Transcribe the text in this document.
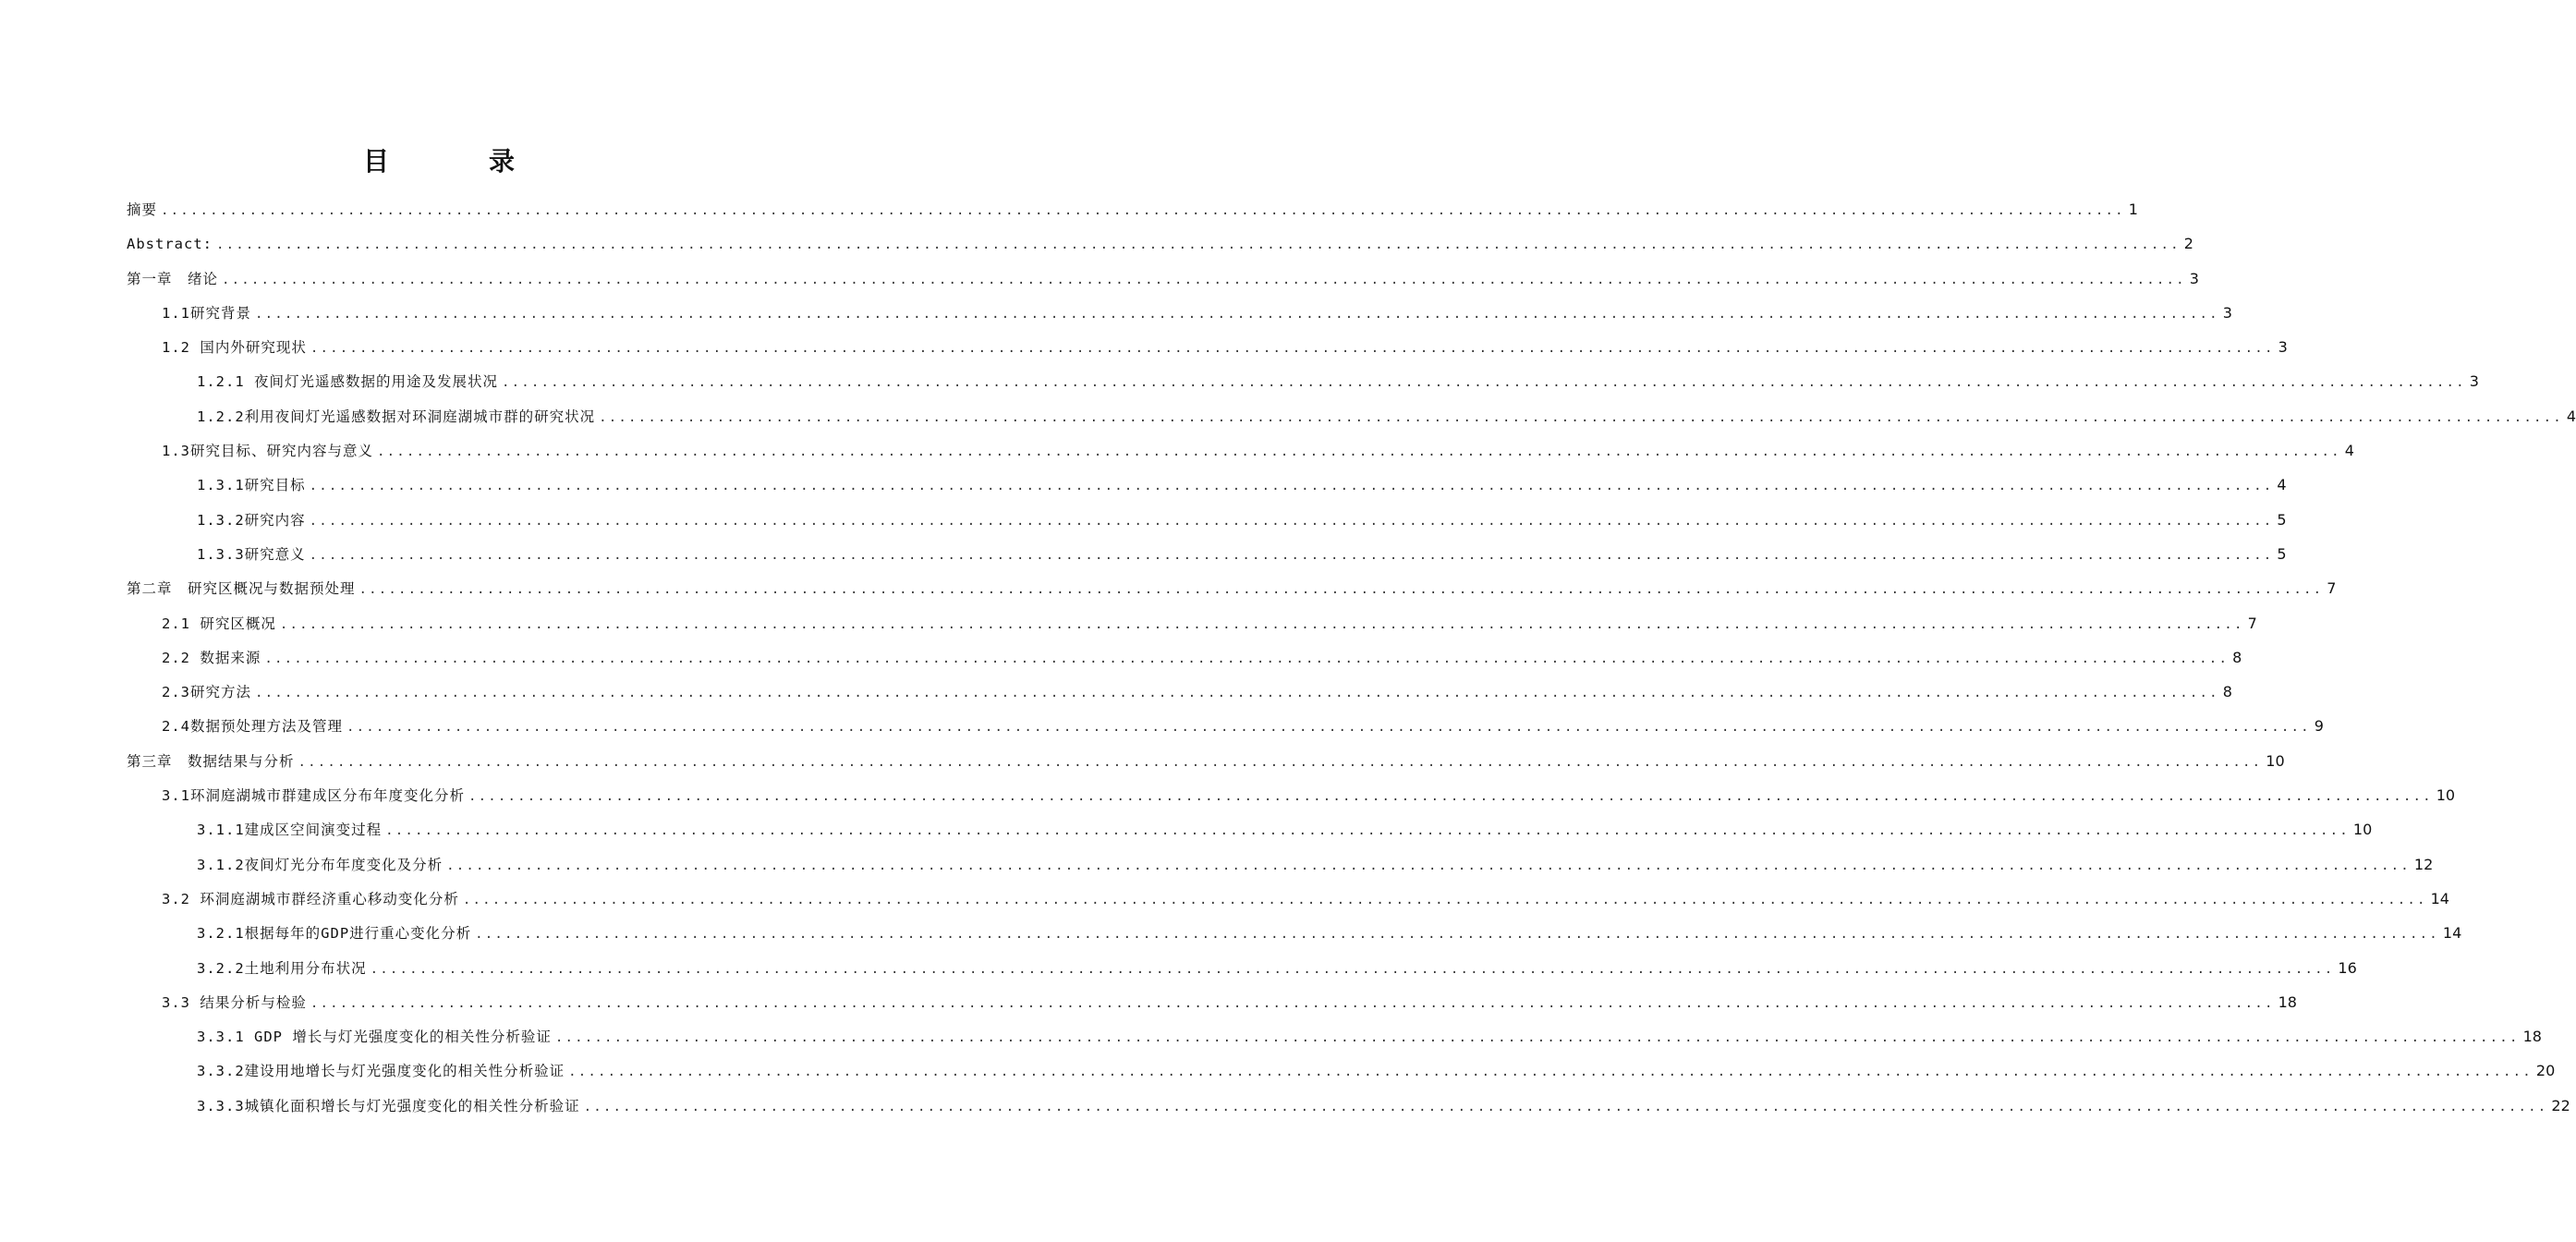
目　录
摘要 ........................................................................................................................................................................................................ 1
Abstract: ........................................................................................................................................................................................................ 2
第一章　绪论 ........................................................................................................................................................................................................ 3
1.1研究背景 ........................................................................................................................................................................................................ 3
1.2 国内外研究现状 ........................................................................................................................................................................................................ 3
1.2.1 夜间灯光遥感数据的用途及发展状况 ........................................................................................................................................................................................................ 3
1.2.2利用夜间灯光遥感数据对环洞庭湖城市群的研究状况 ........................................................................................................................................................................................................ 4
1.3研究目标、研究内容与意义 ........................................................................................................................................................................................................ 4
1.3.1研究目标 ........................................................................................................................................................................................................ 4
1.3.2研究内容 ........................................................................................................................................................................................................ 5
1.3.3研究意义 ........................................................................................................................................................................................................ 5
第二章　研究区概况与数据预处理 ........................................................................................................................................................................................................ 7
2.1 研究区概况 ........................................................................................................................................................................................................ 7
2.2 数据来源 ........................................................................................................................................................................................................ 8
2.3研究方法 ........................................................................................................................................................................................................ 8
2.4数据预处理方法及管理 ........................................................................................................................................................................................................ 9
第三章　数据结果与分析 ........................................................................................................................................................................................................ 10
3.1环洞庭湖城市群建成区分布年度变化分析 ........................................................................................................................................................................................................ 10
3.1.1建成区空间演变过程 ........................................................................................................................................................................................................ 10
3.1.2夜间灯光分布年度变化及分析 ........................................................................................................................................................................................................ 12
3.2 环洞庭湖城市群经济重心移动变化分析 ........................................................................................................................................................................................................ 14
3.2.1根据每年的GDP进行重心变化分析 ........................................................................................................................................................................................................ 14
3.2.2土地利用分布状况 ........................................................................................................................................................................................................ 16
3.3 结果分析与检验 ........................................................................................................................................................................................................ 18
3.3.1 GDP 增长与灯光强度变化的相关性分析验证 ........................................................................................................................................................................................................ 18
3.3.2建设用地增长与灯光强度变化的相关性分析验证 ........................................................................................................................................................................................................ 20
3.3.3城镇化面积增长与灯光强度变化的相关性分析验证 ........................................................................................................................................................................................................ 22
